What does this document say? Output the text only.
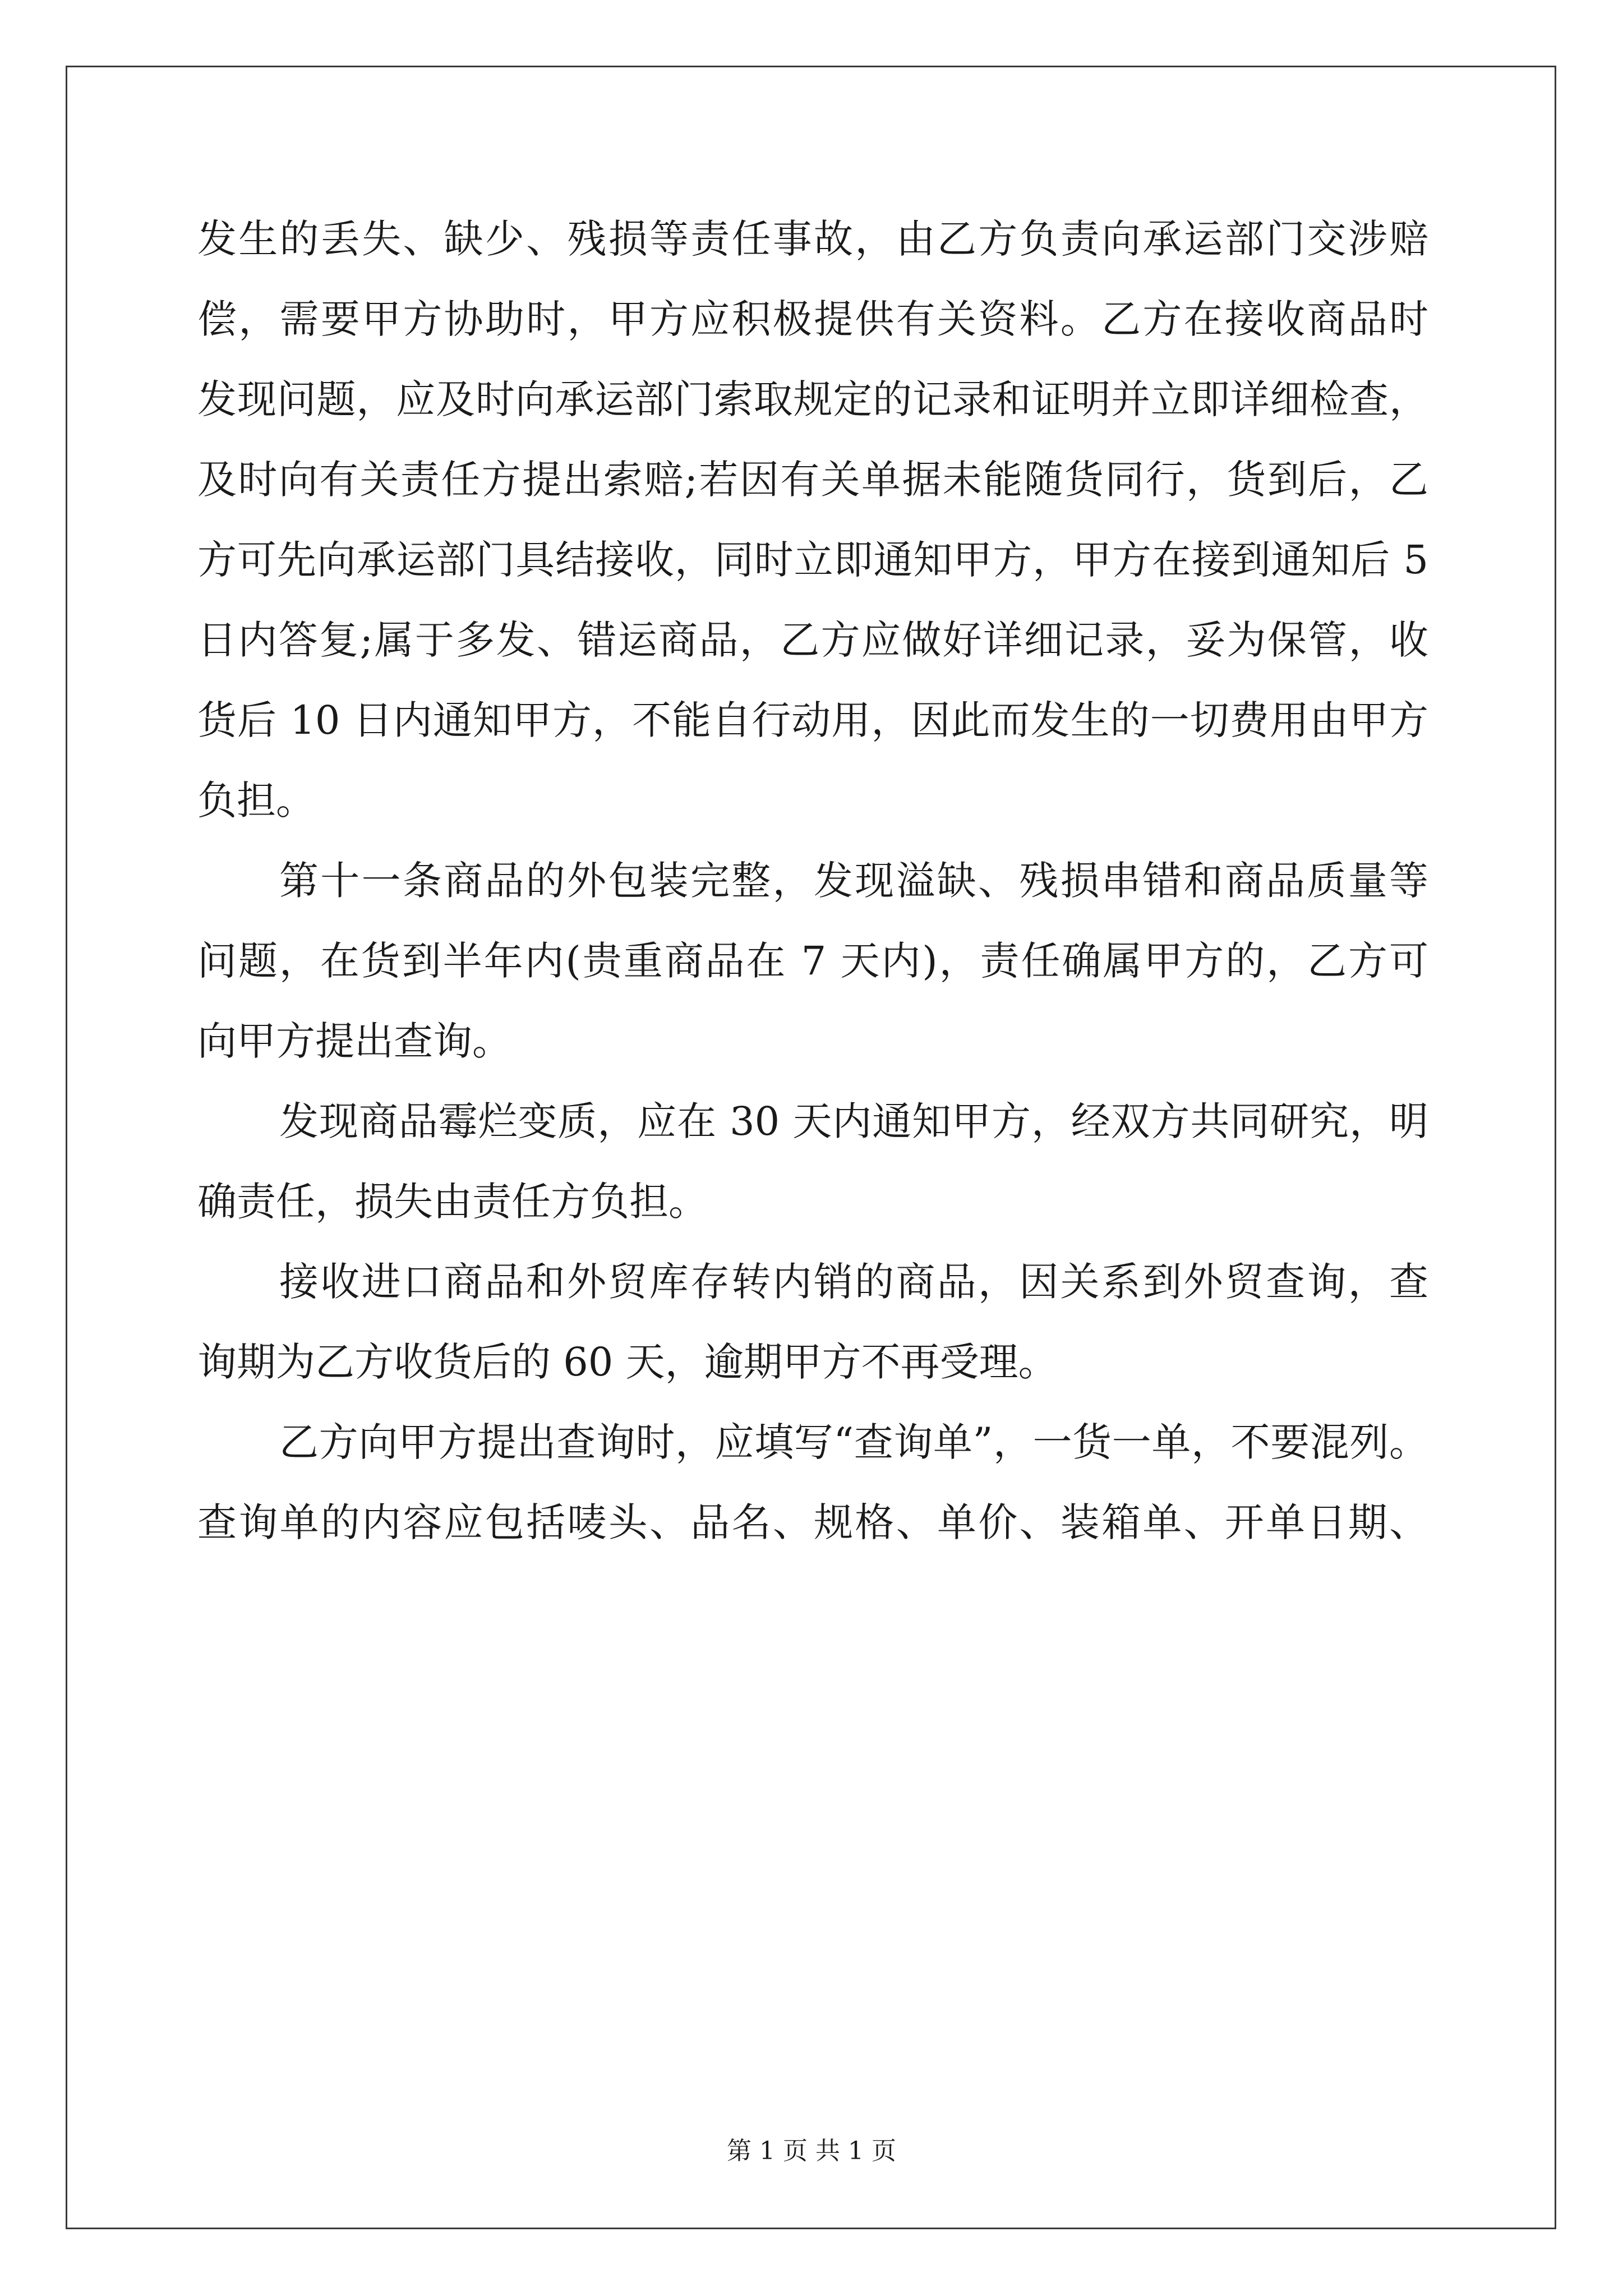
发生的丢失、缺少、残损等责任事故，由乙方负责向承运部门交涉赔
偿，需要甲方协助时，甲方应积极提供有关资料。乙方在接收商品时
发现问题，应及时向承运部门索取规定的记录和证明并立即详细检查，
及时向有关责任方提出索赔;若因有关单据未能随货同行，货到后，乙
方可先向承运部门具结接收，同时立即通知甲方，甲方在接到通知后 5
日内答复;属于多发、错运商品，乙方应做好详细记录，妥为保管，收
货后 10 日内通知甲方，不能自行动用，因此而发生的一切费用由甲方
负担。
第十一条商品的外包装完整，发现溢缺、残损串错和商品质量等
问题，在货到半年内(贵重商品在 7 天内)，责任确属甲方的，乙方可
向甲方提出查询。
发现商品霉烂变质，应在 30 天内通知甲方，经双方共同研究，明
确责任，损失由责任方负担。
接收进口商品和外贸库存转内销的商品，因关系到外贸查询，查
询期为乙方收货后的 60 天，逾期甲方不再受理。
乙方向甲方提出查询时，应填写“查询单”，一货一单，不要混列。
查询单的内容应包括唛头、品名、规格、单价、装箱单、开单日期、
第 1 页 共 1 页
